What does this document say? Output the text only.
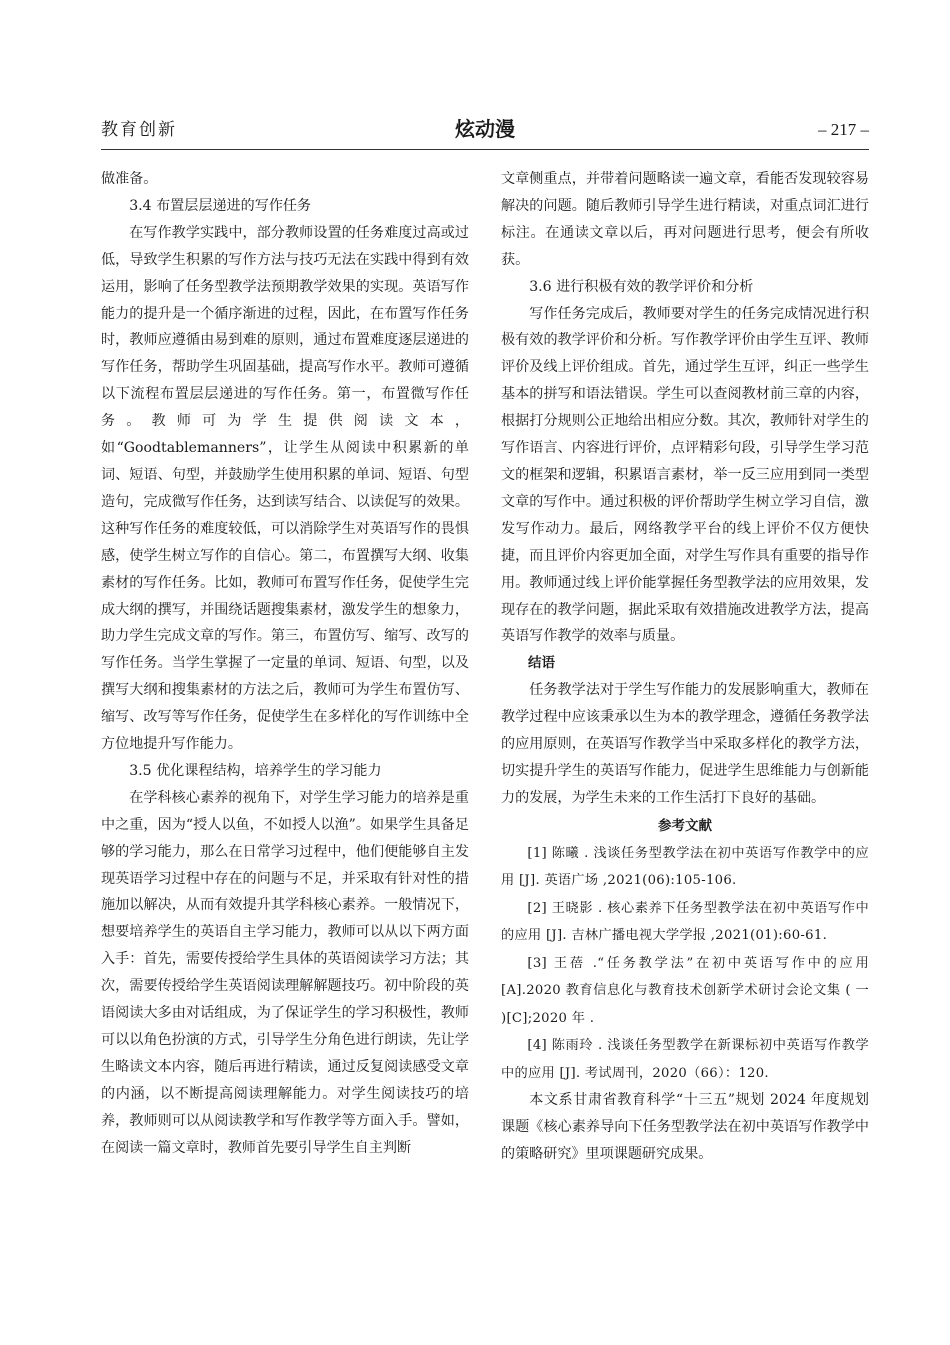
教育创新	炫动漫	– 217 –

做准备。

3.4 布置层层递进的写作任务

在写作教学实践中，部分教师设置的任务难度过高或过低，导致学生积累的写作方法与技巧无法在实践中得到有效运用，影响了任务型教学法预期教学效果的实现。英语写作能力的提升是一个循序渐进的过程，因此，在布置写作任务时，教师应遵循由易到难的原则，通过布置难度逐层递进的写作任务，帮助学生巩固基础，提高写作水平。教师可遵循以下流程布置层层递进的写作任务。第一，布置微写作任务。教师可为学生提供阅读文本，如“Goodtablemanners”，让学生从阅读中积累新的单词、短语、句型，并鼓励学生使用积累的单词、短语、句型造句，完成微写作任务，达到读写结合、以读促写的效果。这种写作任务的难度较低，可以消除学生对英语写作的畏惧感，使学生树立写作的自信心。第二，布置撰写大纲、收集素材的写作任务。比如，教师可布置写作任务，促使学生完成大纲的撰写，并围绕话题搜集素材，激发学生的想象力，助力学生完成文章的写作。第三，布置仿写、缩写、改写的写作任务。当学生掌握了一定量的单词、短语、句型，以及撰写大纲和搜集素材的方法之后，教师可为学生布置仿写、缩写、改写等写作任务，促使学生在多样化的写作训练中全方位地提升写作能力。

3.5 优化课程结构，培养学生的学习能力

在学科核心素养的视角下，对学生学习能力的培养是重中之重，因为“授人以鱼，不如授人以渔”。如果学生具备足够的学习能力，那么在日常学习过程中，他们便能够自主发现英语学习过程中存在的问题与不足，并采取有针对性的措施加以解决，从而有效提升其学科核心素养。一般情况下，想要培养学生的英语自主学习能力，教师可以从以下两方面入手：首先，需要传授给学生具体的英语阅读学习方法；其次，需要传授给学生英语阅读理解解题技巧。初中阶段的英语阅读大多由对话组成，为了保证学生的学习积极性，教师可以以角色扮演的方式，引导学生分角色进行朗读，先让学生略读文本内容，随后再进行精读，通过反复阅读感受文章的内涵，以不断提高阅读理解能力。对学生阅读技巧的培养，教师则可以从阅读教学和写作教学等方面入手。譬如，在阅读一篇文章时，教师首先要引导学生自主判断

文章侧重点，并带着问题略读一遍文章，看能否发现较容易解决的问题。随后教师引导学生进行精读，对重点词汇进行标注。在通读文章以后，再对问题进行思考，便会有所收获。

3.6 进行积极有效的教学评价和分析

写作任务完成后，教师要对学生的任务完成情况进行积极有效的教学评价和分析。写作教学评价由学生互评、教师评价及线上评价组成。首先，通过学生互评，纠正一些学生基本的拼写和语法错误。学生可以查阅教材前三章的内容，根据打分规则公正地给出相应分数。其次，教师针对学生的写作语言、内容进行评价，点评精彩句段，引导学生学习范文的框架和逻辑，积累语言素材，举一反三应用到同一类型文章的写作中。通过积极的评价帮助学生树立学习自信，激发写作动力。最后，网络教学平台的线上评价不仅方便快捷，而且评价内容更加全面，对学生写作具有重要的指导作用。教师通过线上评价能掌握任务型教学法的应用效果，发现存在的教学问题，据此采取有效措施改进教学方法，提高英语写作教学的效率与质量。

结语

任务教学法对于学生写作能力的发展影响重大，教师在教学过程中应该秉承以生为本的教学理念，遵循任务教学法的应用原则，在英语写作教学当中采取多样化的教学方法，切实提升学生的英语写作能力，促进学生思维能力与创新能力的发展，为学生未来的工作生活打下良好的基础。

参考文献

[1] 陈曦 . 浅谈任务型教学法在初中英语写作教学中的应用 [J]. 英语广场 ,2021(06):105-106.

[2] 王晓影 . 核心素养下任务型教学法在初中英语写作中的应用 [J]. 吉林广播电视大学学报 ,2021(01):60-61.

[3] 王蓓 .“任务教学法”在初中英语写作中的应用 [A].2020 教育信息化与教育技术创新学术研讨会论文集 ( 一 )[C];2020 年 .

[4] 陈雨玲 . 浅谈任务型教学在新课标初中英语写作教学中的应用 [J]. 考试周刊，2020（66）：120.

本文系甘肃省教育科学“十三五”规划 2024 年度规划课题《核心素养导向下任务型教学法在初中英语写作教学中的策略研究》里项课题研究成果。
